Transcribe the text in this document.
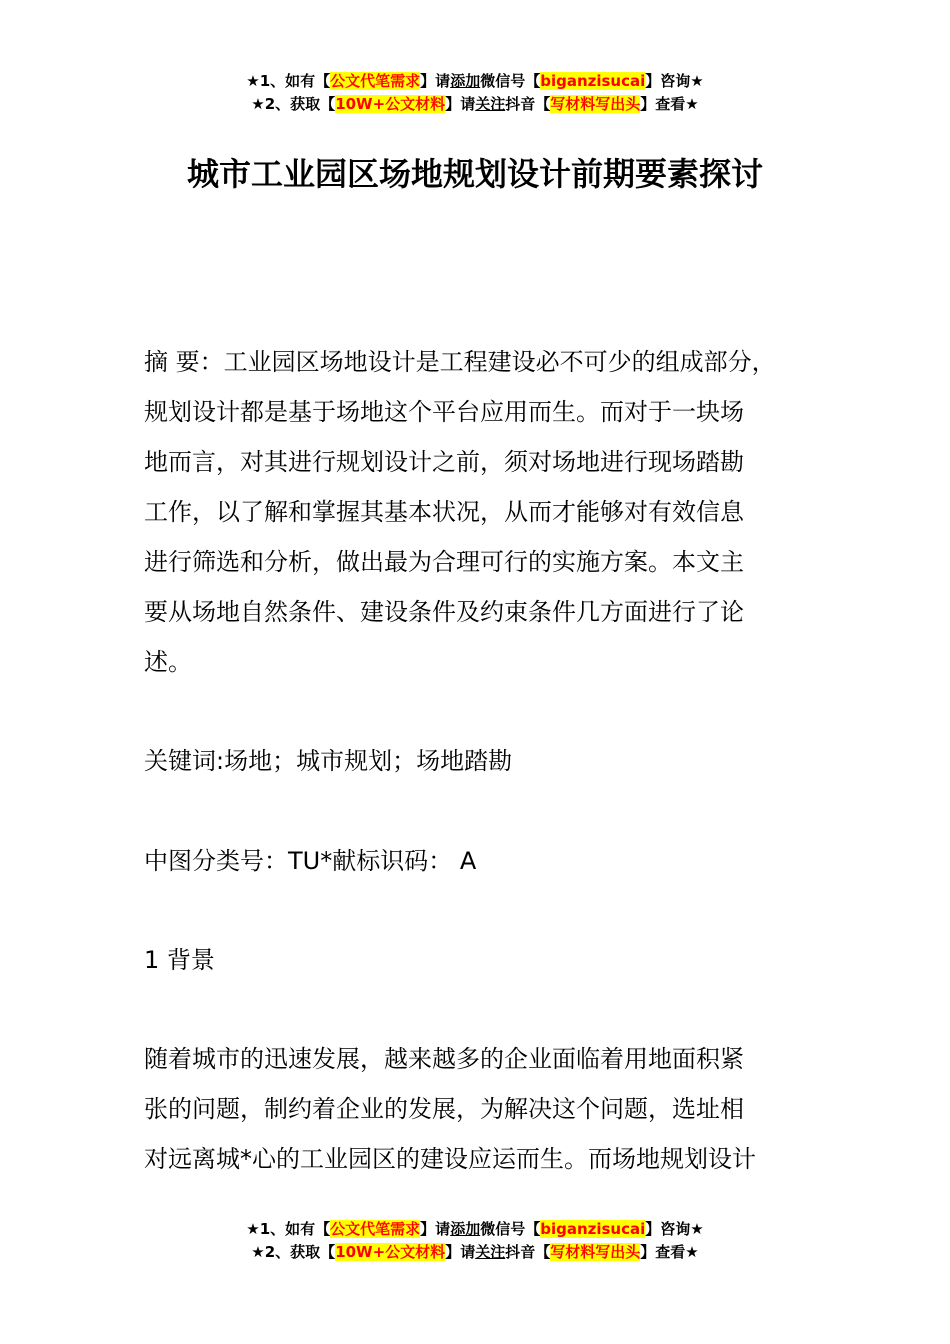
★1、如有【公文代笔需求】请添加微信号【biganzisucai】咨询★
★2、获取【10W+公文材料】请关注抖音【写材料写出头】查看★
城市工业园区场地规划设计前期要素探讨
摘 要：工业园区场地设计是工程建设必不可少的组成部分，
规划设计都是基于场地这个平台应用而生。而对于一块场
地而言，对其进行规划设计之前，须对场地进行现场踏勘
工作，以了解和掌握其基本状况，从而才能够对有效信息
进行筛选和分析，做出最为合理可行的实施方案。本文主
要从场地自然条件、建设条件及约束条件几方面进行了论
述。
关键词:场地；城市规划；场地踏勘
中图分类号：TU*献标识码： A
1 背景
随着城市的迅速发展，越来越多的企业面临着用地面积紧
张的问题，制约着企业的发展，为解决这个问题，选址相
对远离城*心的工业园区的建设应运而生。而场地规划设计
★1、如有【公文代笔需求】请添加微信号【biganzisucai】咨询★
★2、获取【10W+公文材料】请关注抖音【写材料写出头】查看★
